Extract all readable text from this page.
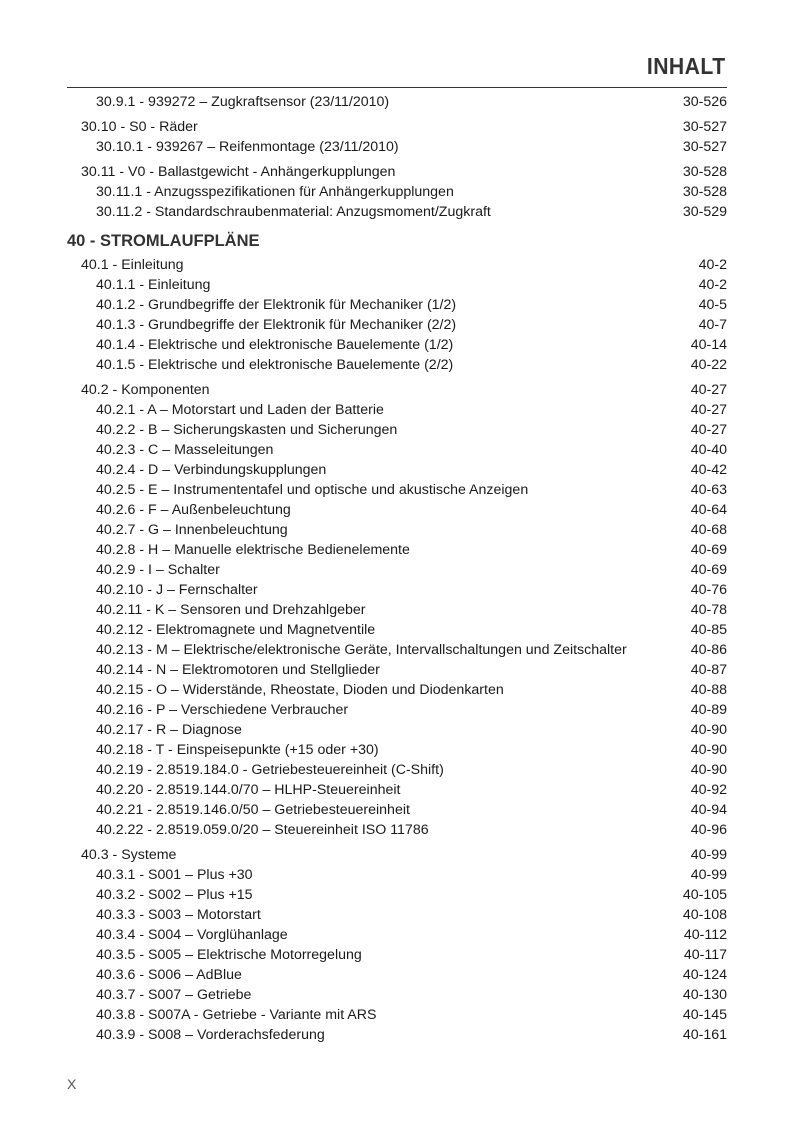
INHALT
30.9.1 - 939272 – Zugkraftsensor (23/11/2010)	30-526
30.10 - S0 - Räder	30-527
30.10.1 - 939267 – Reifenmontage (23/11/2010)	30-527
30.11 - V0 - Ballastgewicht - Anhängerkupplungen	30-528
30.11.1 - Anzugsspezifikationen für Anhängerkupplungen	30-528
30.11.2 - Standardschraubenmaterial: Anzugsmoment/Zugkraft	30-529
40 - STROMLAUFPLÄNE
40.1 - Einleitung	40-2
40.1.1 - Einleitung	40-2
40.1.2 - Grundbegriffe der Elektronik für Mechaniker (1/2)	40-5
40.1.3 - Grundbegriffe der Elektronik für Mechaniker (2/2)	40-7
40.1.4 - Elektrische und elektronische Bauelemente (1/2)	40-14
40.1.5 - Elektrische und elektronische Bauelemente (2/2)	40-22
40.2 - Komponenten	40-27
40.2.1 - A – Motorstart und Laden der Batterie	40-27
40.2.2 - B – Sicherungskasten und Sicherungen	40-27
40.2.3 - C – Masseleitungen	40-40
40.2.4 - D – Verbindungskupplungen	40-42
40.2.5 - E – Instrumententafel und optische und akustische Anzeigen	40-63
40.2.6 - F – Außenbeleuchtung	40-64
40.2.7 - G – Innenbeleuchtung	40-68
40.2.8 - H – Manuelle elektrische Bedienelemente	40-69
40.2.9 - I – Schalter	40-69
40.2.10 - J – Fernschalter	40-76
40.2.11 - K – Sensoren und Drehzahlgeber	40-78
40.2.12 - Elektromagnete und Magnetventile	40-85
40.2.13 - M – Elektrische/elektronische Geräte, Intervallschaltungen und Zeitschalter	40-86
40.2.14 - N – Elektromotoren und Stellglieder	40-87
40.2.15 - O – Widerstände, Rheostate, Dioden und Diodenkarten	40-88
40.2.16 - P – Verschiedene Verbraucher	40-89
40.2.17 - R – Diagnose	40-90
40.2.18 - T - Einspeisepunkte (+15 oder +30)	40-90
40.2.19 - 2.8519.184.0 - Getriebesteuereinheit (C-Shift)	40-90
40.2.20 - 2.8519.144.0/70 – HLHP-Steuereinheit	40-92
40.2.21 - 2.8519.146.0/50 – Getriebesteuereinheit	40-94
40.2.22 - 2.8519.059.0/20 – Steuereinheit ISO 11786	40-96
40.3 - Systeme	40-99
40.3.1 - S001 – Plus +30	40-99
40.3.2 - S002 – Plus +15	40-105
40.3.3 - S003 – Motorstart	40-108
40.3.4 - S004 – Vorglühanlage	40-112
40.3.5 - S005 – Elektrische Motorregelung	40-117
40.3.6 - S006 – AdBlue	40-124
40.3.7 - S007 – Getriebe	40-130
40.3.8 - S007A - Getriebe - Variante mit ARS	40-145
40.3.9 - S008 – Vorderachsfederung	40-161
X
